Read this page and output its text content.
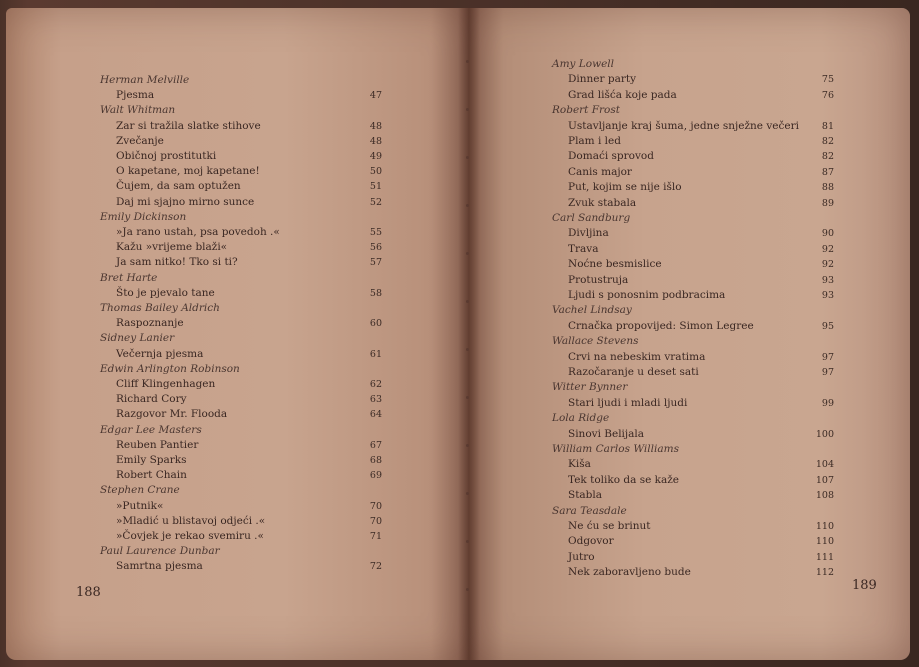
Herman Melville
Pjesma	47
Walt Whitman
Zar si tražila slatke stihove	48
Zvečanje	48
Običnoj prostitutki	49
O kapetane, moj kapetane!	50
Čujem, da sam optužen	51
Daj mi sjajno mirno sunce	52
Emily Dickinson
»Ja rano ustah, psa povedoh .«	55
Kažu »vrijeme blaži«	56
Ja sam nitko! Tko si ti?	57
Bret Harte
Što je pjevalo tane	58
Thomas Bailey Aldrich
Raspoznanje	60
Sidney Lanier
Večernja pjesma	61
Edwin Arlington Robinson
Cliff Klingenhagen	62
Richard Cory	63
Razgovor Mr. Flooda	64
Edgar Lee Masters
Reuben Pantier	67
Emily Sparks	68
Robert Chain	69
Stephen Crane
»Putnik«	70
»Mladić u blistavoj odjeći .«	70
»Čovjek je rekao svemiru .«	71
Paul Laurence Dunbar
Samrtna pjesma	72
Amy Lowell
Dinner party	75
Grad lišća koje pada	76
Robert Frost
Ustavljanje kraj šuma, jedne snježne večeri	81
Plam i led	82
Domaći sprovod	82
Canis major	87
Put, kojim se nije išlo	88
Zvuk stabala	89
Carl Sandburg
Divljina	90
Trava	92
Noćne besmislice	92
Protustruja	93
Ljudi s ponosnim podbracima	93
Vachel Lindsay
Crnačka propovijed: Simon Legree	95
Wallace Stevens
Crvi na nebeskim vratima	97
Razočaranje u deset sati	97
Witter Bynner
Stari ljudi i mladi ljudi	99
Lola Ridge
Sinovi Belijala	100
William Carlos Williams
Kiša	104
Tek toliko da se kaže	107
Stabla	108
Sara Teasdale
Ne ću se brinut	110
Odgovor	110
Jutro	111
Nek zaboravljeno bude	112
188	189
